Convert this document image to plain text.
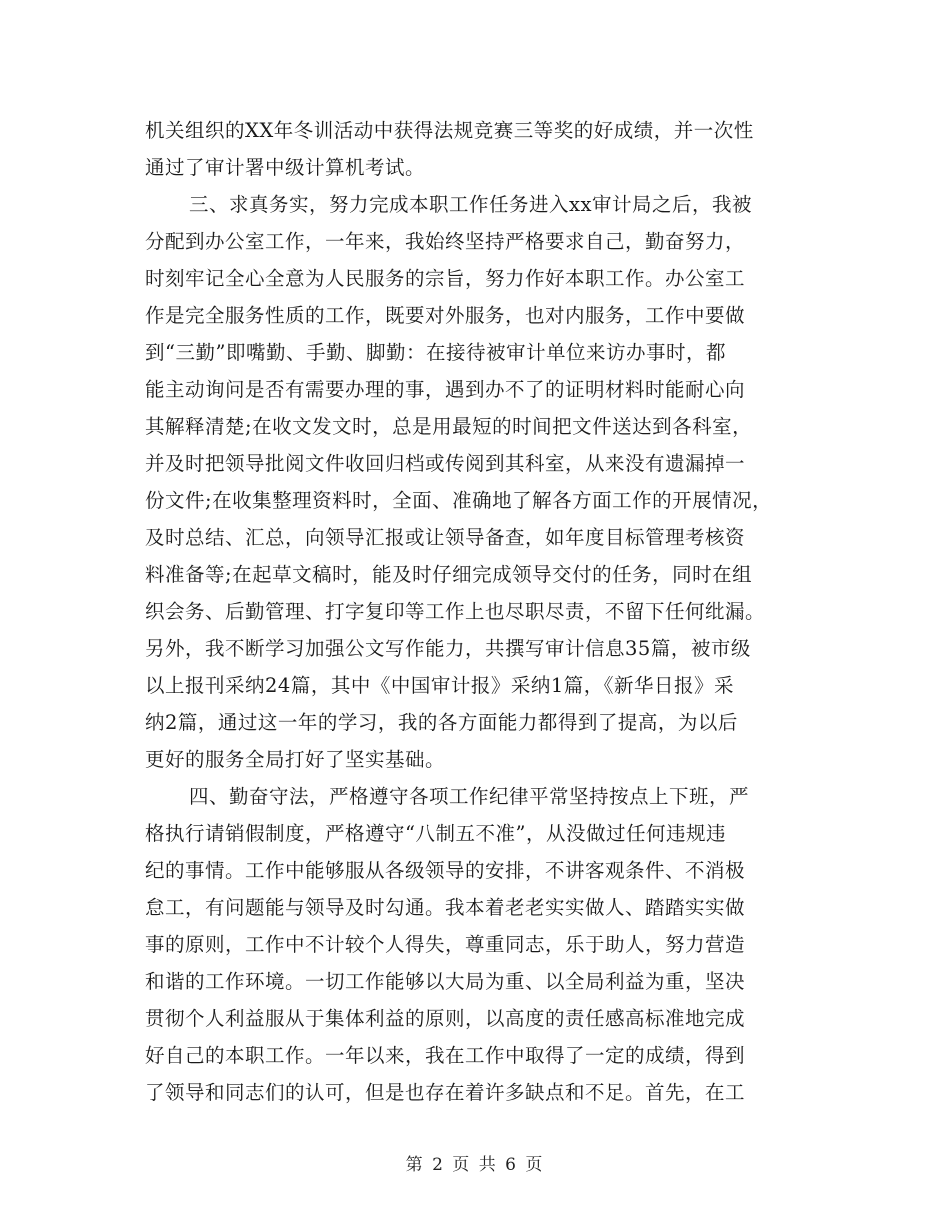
机关组织的XX年冬训活动中获得法规竞赛三等奖的好成绩，并一次性
通过了审计署中级计算机考试。
三、求真务实，努力完成本职工作任务进入xx审计局之后，我被
分配到办公室工作，一年来，我始终坚持严格要求自己，勤奋努力，
时刻牢记全心全意为人民服务的宗旨，努力作好本职工作。办公室工
作是完全服务性质的工作，既要对外服务，也对内服务，工作中要做
到“三勤”即嘴勤、手勤、脚勤：在接待被审计单位来访办事时，都
能主动询问是否有需要办理的事，遇到办不了的证明材料时能耐心向
其解释清楚;在收文发文时，总是用最短的时间把文件送达到各科室，
并及时把领导批阅文件收回归档或传阅到其科室，从来没有遗漏掉一
份文件;在收集整理资料时，全面、准确地了解各方面工作的开展情况，
及时总结、汇总，向领导汇报或让领导备查，如年度目标管理考核资
料准备等;在起草文稿时，能及时仔细完成领导交付的任务，同时在组
织会务、后勤管理、打字复印等工作上也尽职尽责，不留下任何纰漏。
另外，我不断学习加强公文写作能力，共撰写审计信息35篇，被市级
以上报刊采纳24篇，其中《中国审计报》采纳1篇，《新华日报》采
纳2篇，通过这一年的学习，我的各方面能力都得到了提高，为以后
更好的服务全局打好了坚实基础。
四、勤奋守法，严格遵守各项工作纪律平常坚持按点上下班，严
格执行请销假制度，严格遵守“八制五不准”，从没做过任何违规违
纪的事情。工作中能够服从各级领导的安排，不讲客观条件、不消极
怠工，有问题能与领导及时勾通。我本着老老实实做人、踏踏实实做
事的原则，工作中不计较个人得失，尊重同志，乐于助人，努力营造
和谐的工作环境。一切工作能够以大局为重、以全局利益为重，坚决
贯彻个人利益服从于集体利益的原则，以高度的责任感高标准地完成
好自己的本职工作。一年以来，我在工作中取得了一定的成绩，得到
了领导和同志们的认可，但是也存在着许多缺点和不足。首先，在工
第 2 页 共 6 页
